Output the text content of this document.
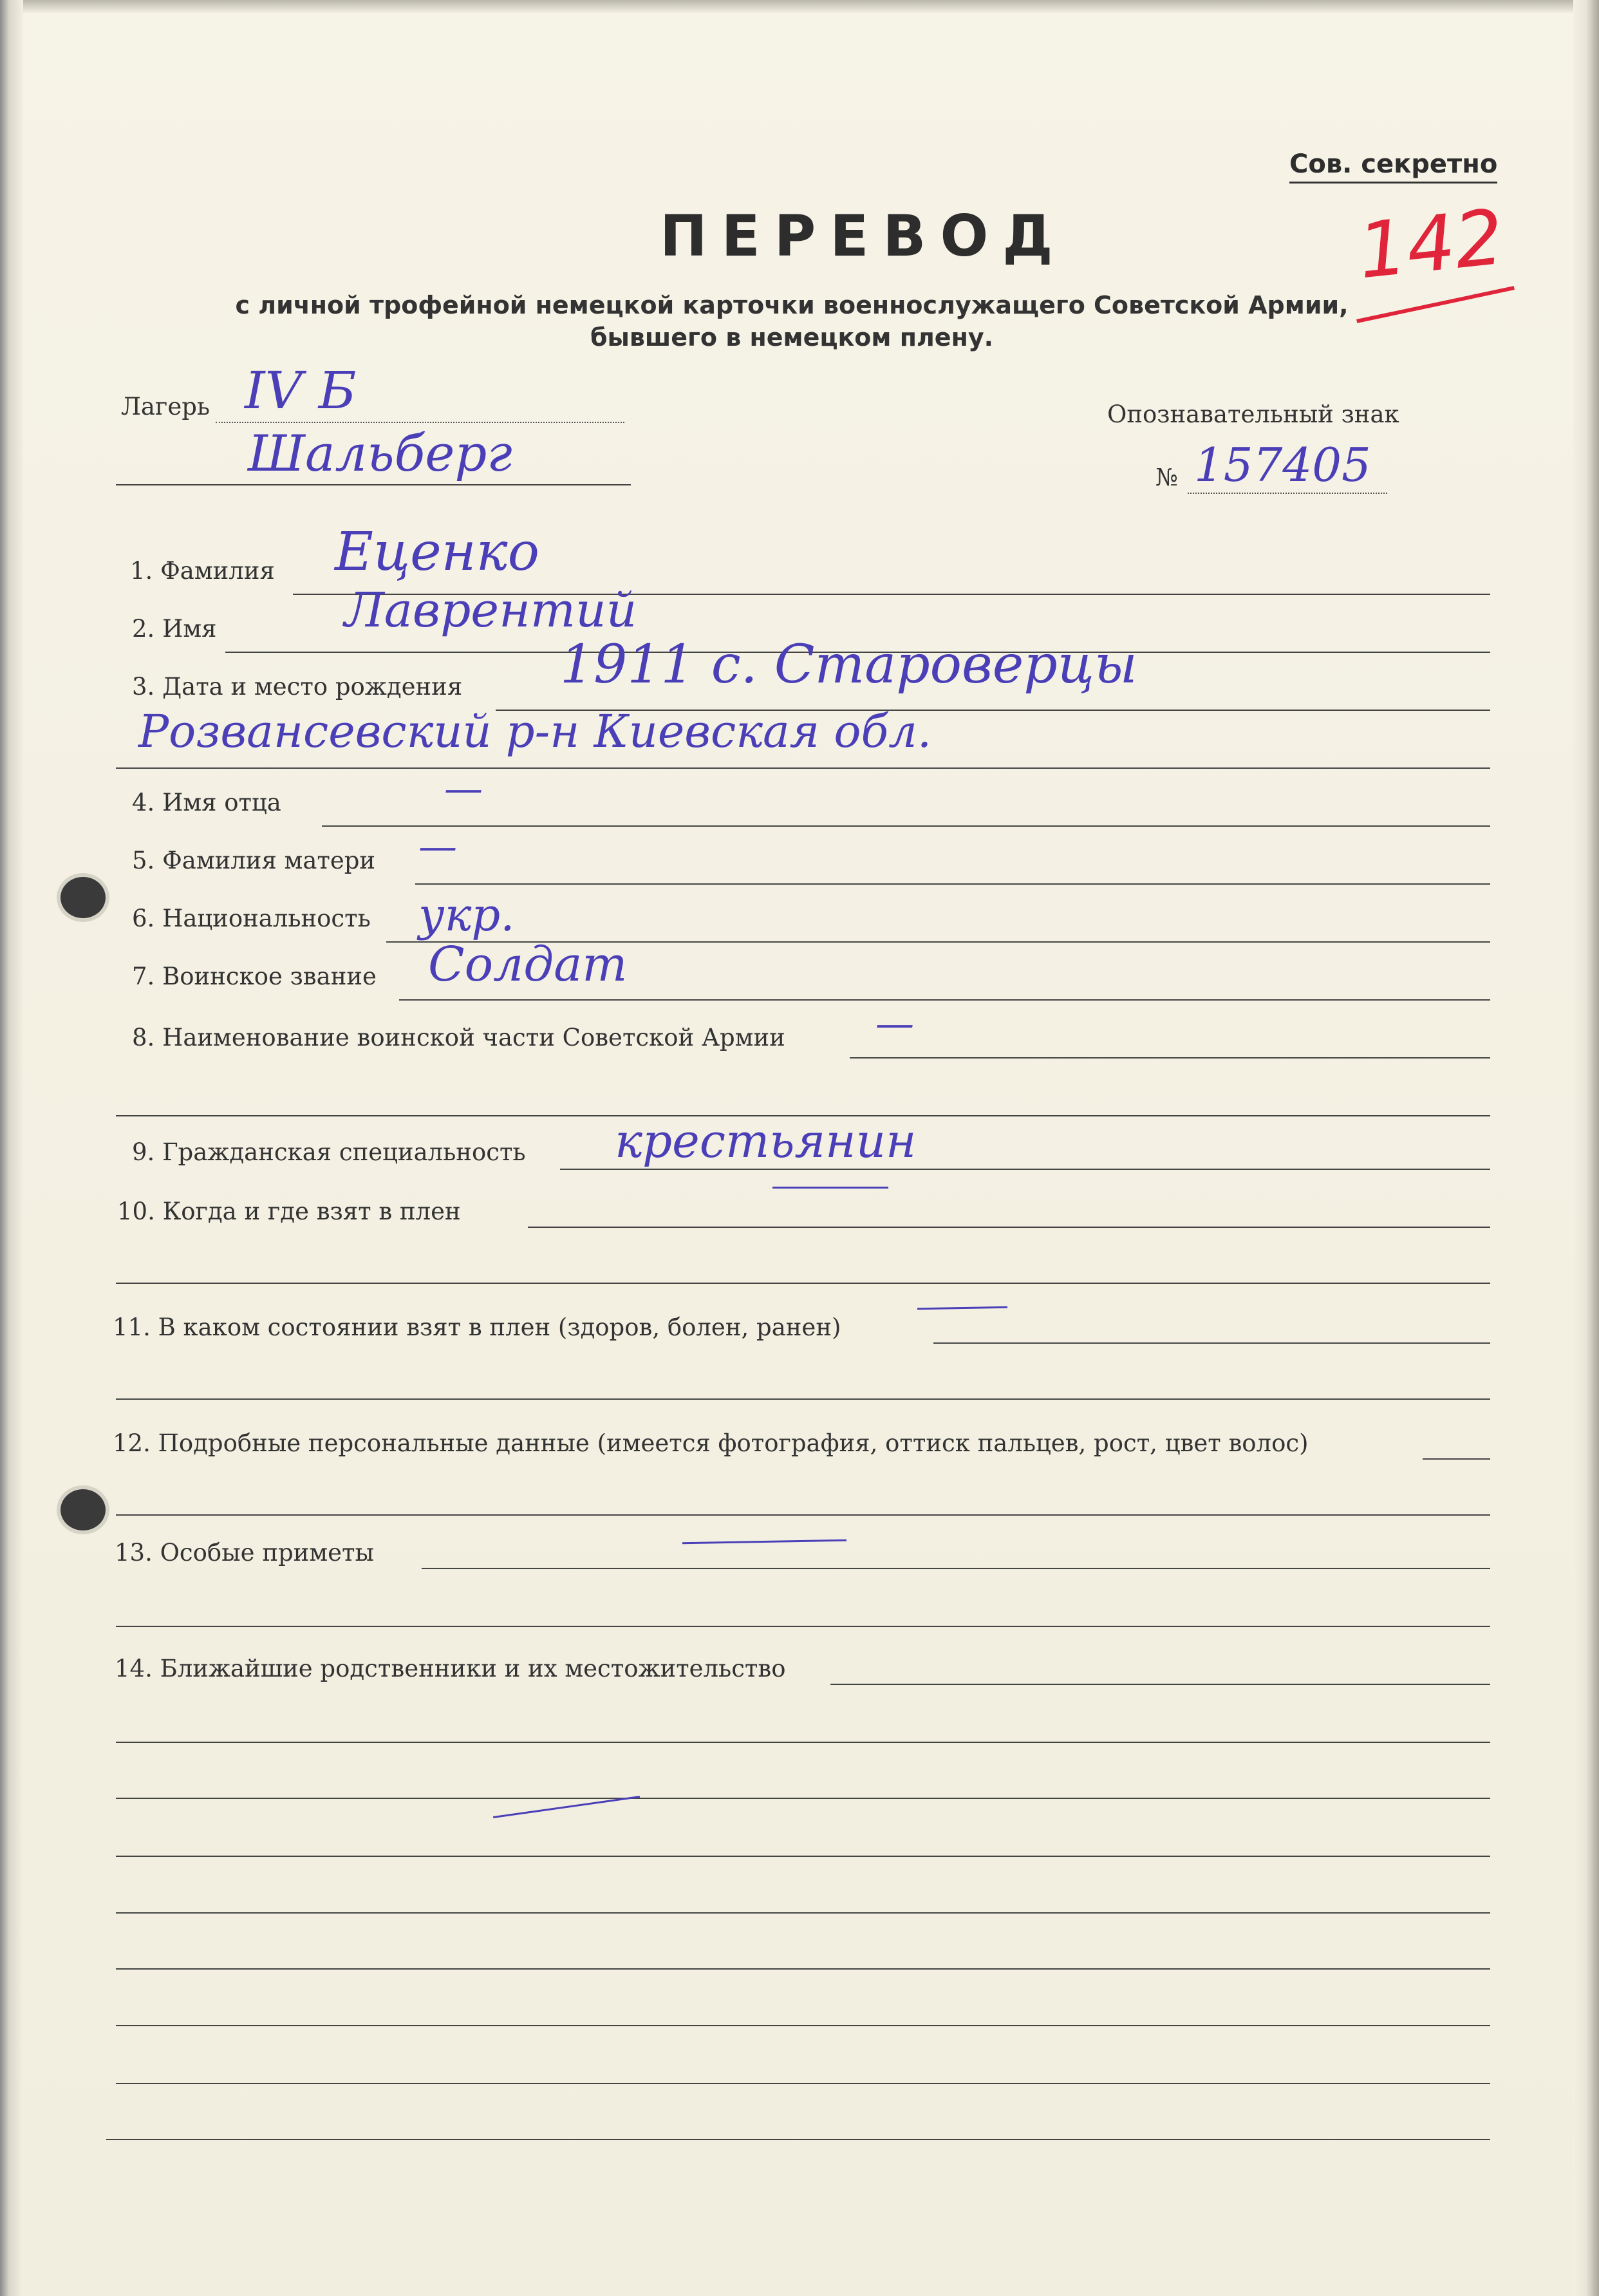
Сов. секретно
ПЕРЕВОД	142
с личной трофейной немецкой карточки военнослужащего Советской Армии,
бывшего в немецком плену.
Лагерь IV Б
Шальберг
Опознавательный знак
№ 157405
1. Фамилия Еценко
2. Имя	Лаврентий
3. Дата и место рождения 1911 с. Староверцы
Розвансевский р-н Киевская обл.
4. Имя отца	—
5. Фамилия матери —
6. Национальность укр.
7. Воинское звание Солдат
8. Наименование воинской части Советской Армии —
9. Гражданская специальность крестьянин
10. Когда и где взят в плен
11. В каком состоянии взят в плен (здоров, болен, ранен)
12. Подробные персональные данные (имеется фотография, оттиск пальцев, рост, цвет волос)
13. Особые приметы
14. Ближайшие родственники и их местожительство
